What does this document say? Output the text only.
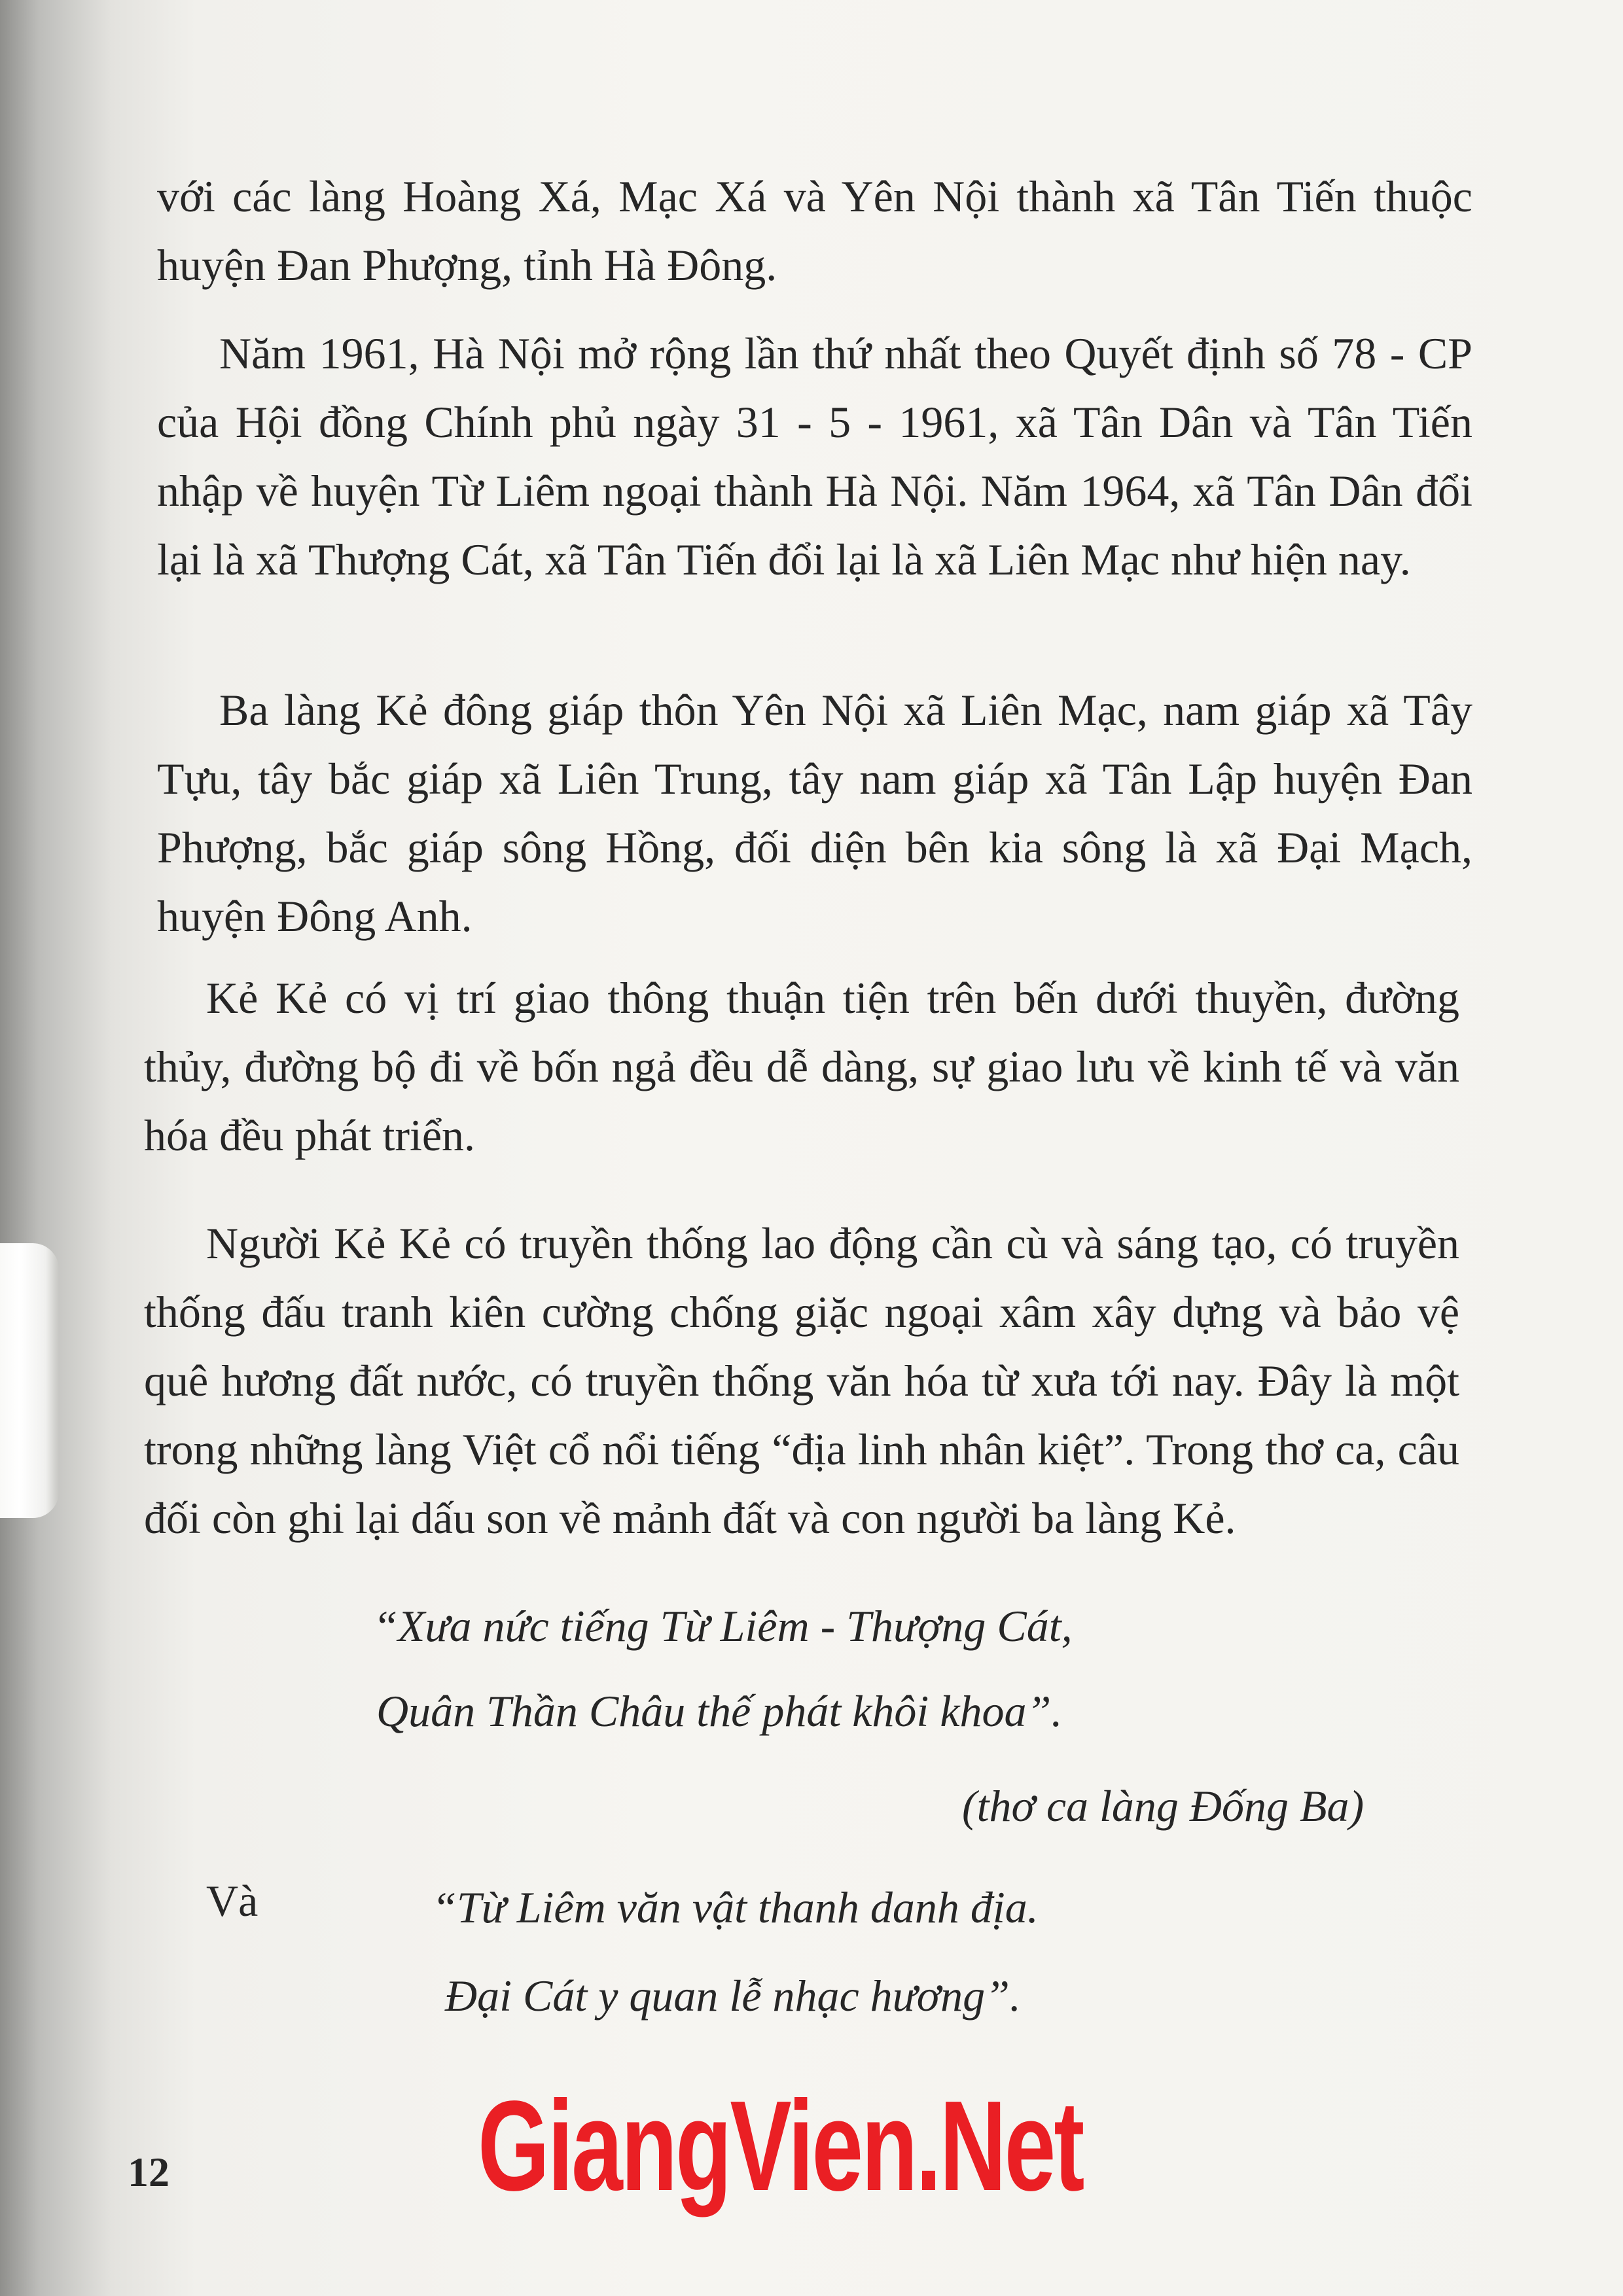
với các làng Hoàng Xá, Mạc Xá và Yên Nội thành xã Tân Tiến thuộc huyện Đan Phượng, tỉnh Hà Đông.

Năm 1961, Hà Nội mở rộng lần thứ nhất theo Quyết định số 78 - CP của Hội đồng Chính phủ ngày 31 - 5 - 1961, xã Tân Dân và Tân Tiến nhập về huyện Từ Liêm ngoại thành Hà Nội. Năm 1964, xã Tân Dân đổi lại là xã Thượng Cát, xã Tân Tiến đổi lại là xã Liên Mạc như hiện nay.

Ba làng Kẻ đông giáp thôn Yên Nội xã Liên Mạc, nam giáp xã Tây Tựu, tây bắc giáp xã Liên Trung, tây nam giáp xã Tân Lập huyện Đan Phượng, bắc giáp sông Hồng, đối diện bên kia sông là xã Đại Mạch, huyện Đông Anh.

Kẻ Kẻ có vị trí giao thông thuận tiện trên bến dưới thuyền, đường thủy, đường bộ đi về bốn ngả đều dễ dàng, sự giao lưu về kinh tế và văn hóa đều phát triển.

Người Kẻ Kẻ có truyền thống lao động cần cù và sáng tạo, có truyền thống đấu tranh kiên cường chống giặc ngoại xâm xây dựng và bảo vệ quê hương đất nước, có truyền thống văn hóa từ xưa tới nay. Đây là một trong những làng Việt cổ nổi tiếng “địa linh nhân kiệt”. Trong thơ ca, câu đối còn ghi lại dấu son về mảnh đất và con người ba làng Kẻ.

“Xưa nức tiếng Từ Liêm - Thượng Cát,
Quân Thần Châu thế phát khôi khoa”.
(thơ ca làng Đống Ba)
Và	“Từ Liêm văn vật thanh danh địa.
Đại Cát y quan lễ nhạc hương”.
12 GiangVien.Net
